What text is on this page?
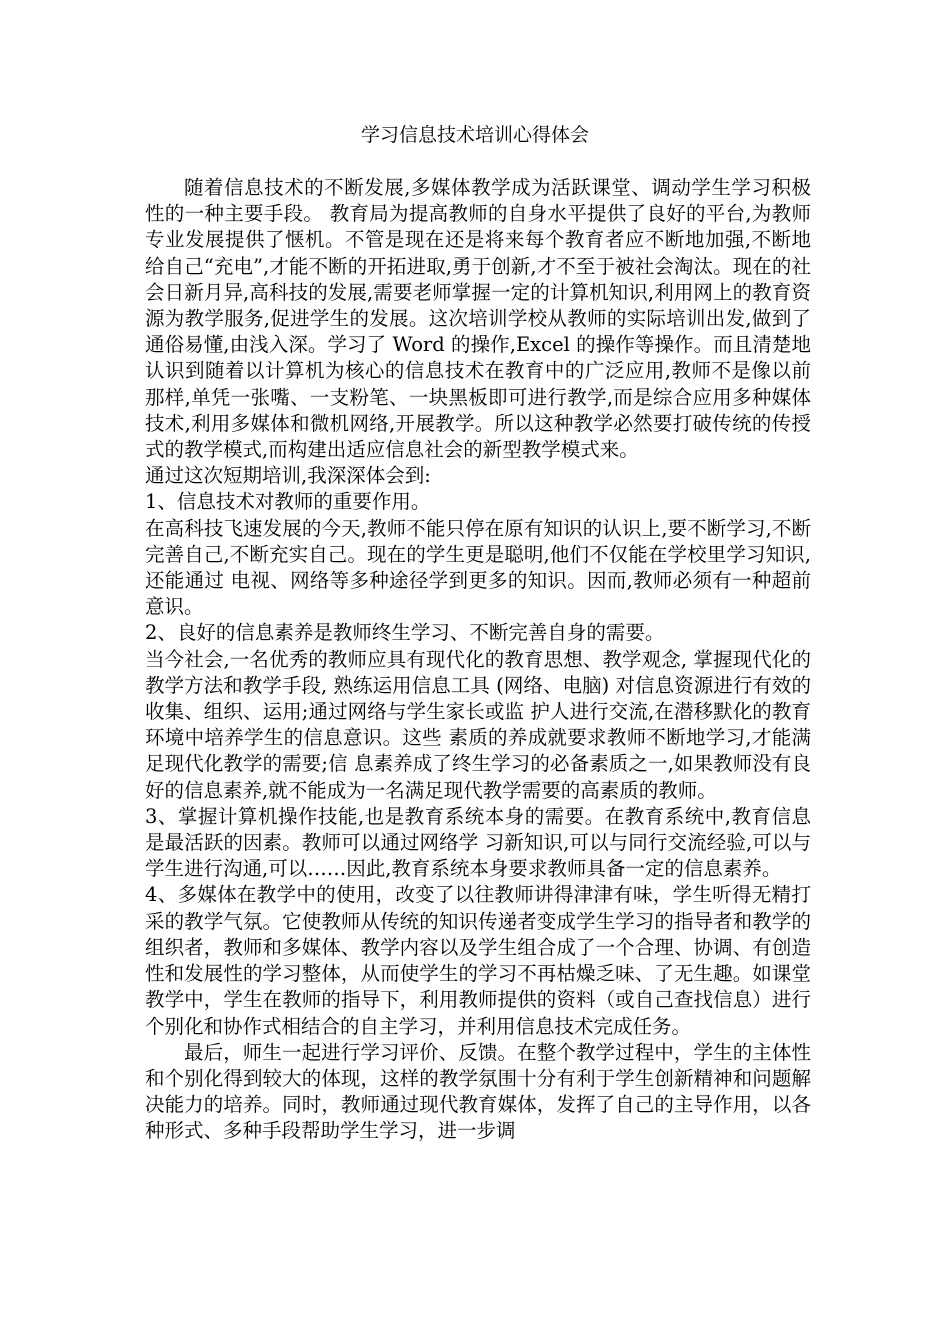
学习信息技术培训心得体会

随着信息技术的不断发展,多媒体教学成为活跃课堂、调动学生学习积极性的一种主要手段。 教育局为提高教师的自身水平提供了良好的平台,为教师专业发展提供了惬机。不管是现在还是将来每个教育者应不断地加强,不断地给自己“充电”,才能不断的开拓进取,勇于创新,才不至于被社会淘汰。现在的社会日新月异,高科技的发展,需要老师掌握一定的计算机知识,利用网上的教育资源为教学服务,促进学生的发展。这次培训学校从教师的实际培训出发,做到了通俗易懂,由浅入深。学习了 Word 的操作,Excel 的操作等操作。而且清楚地认识到随着以计算机为核心的信息技术在教育中的广泛应用,教师不是像以前那样,单凭一张嘴、一支粉笔、一块黑板即可进行教学,而是综合应用多种媒体技术,利用多媒体和微机网络,开展教学。所以这种教学必然要打破传统的传授式的教学模式,而构建出适应信息社会的新型教学模式来。

通过这次短期培训,我深深体会到:

1、信息技术对教师的重要作用。

在高科技飞速发展的今天,教师不能只停在原有知识的认识上,要不断学习,不断完善自己,不断充实自己。现在的学生更是聪明,他们不仅能在学校里学习知识,还能通过 电视、网络等多种途径学到更多的知识。因而,教师必须有一种超前 意识。

2、良好的信息素养是教师终生学习、不断完善自身的需要。

当今社会,一名优秀的教师应具有现代化的教育思想、教学观念, 掌握现代化的教学方法和教学手段, 熟练运用信息工具 (网络、电脑) 对信息资源进行有效的收集、组织、运用;通过网络与学生家长或监 护人进行交流,在潜移默化的教育环境中培养学生的信息意识。这些 素质的养成就要求教师不断地学习,才能满足现代化教学的需要;信 息素养成了终生学习的必备素质之一,如果教师没有良好的信息素养,就不能成为一名满足现代教学需要的高素质的教师。

3、掌握计算机操作技能,也是教育系统本身的需要。在教育系统中,教育信息是最活跃的因素。教师可以通过网络学 习新知识,可以与同行交流经验,可以与学生进行沟通,可以……因此,教育系统本身要求教师具备一定的信息素养。

4、多媒体在教学中的使用，改变了以往教师讲得津津有味，学生听得无精打采的教学气氛。它使教师从传统的知识传递者变成学生学习的指导者和教学的组织者，教师和多媒体、教学内容以及学生组合成了一个合理、协调、有创造性和发展性的学习整体，从而使学生的学习不再枯燥乏味、了无生趣。如课堂教学中，学生在教师的指导下，利用教师提供的资料（或自己查找信息）进行个别化和协作式相结合的自主学习，并利用信息技术完成任务。

最后，师生一起进行学习评价、反馈。在整个教学过程中，学生的主体性和个别化得到较大的体现，这样的教学氛围十分有利于学生创新精神和问题解决能力的培养。同时，教师通过现代教育媒体，发挥了自己的主导作用，以各种形式、多种手段帮助学生学习，进一步调
